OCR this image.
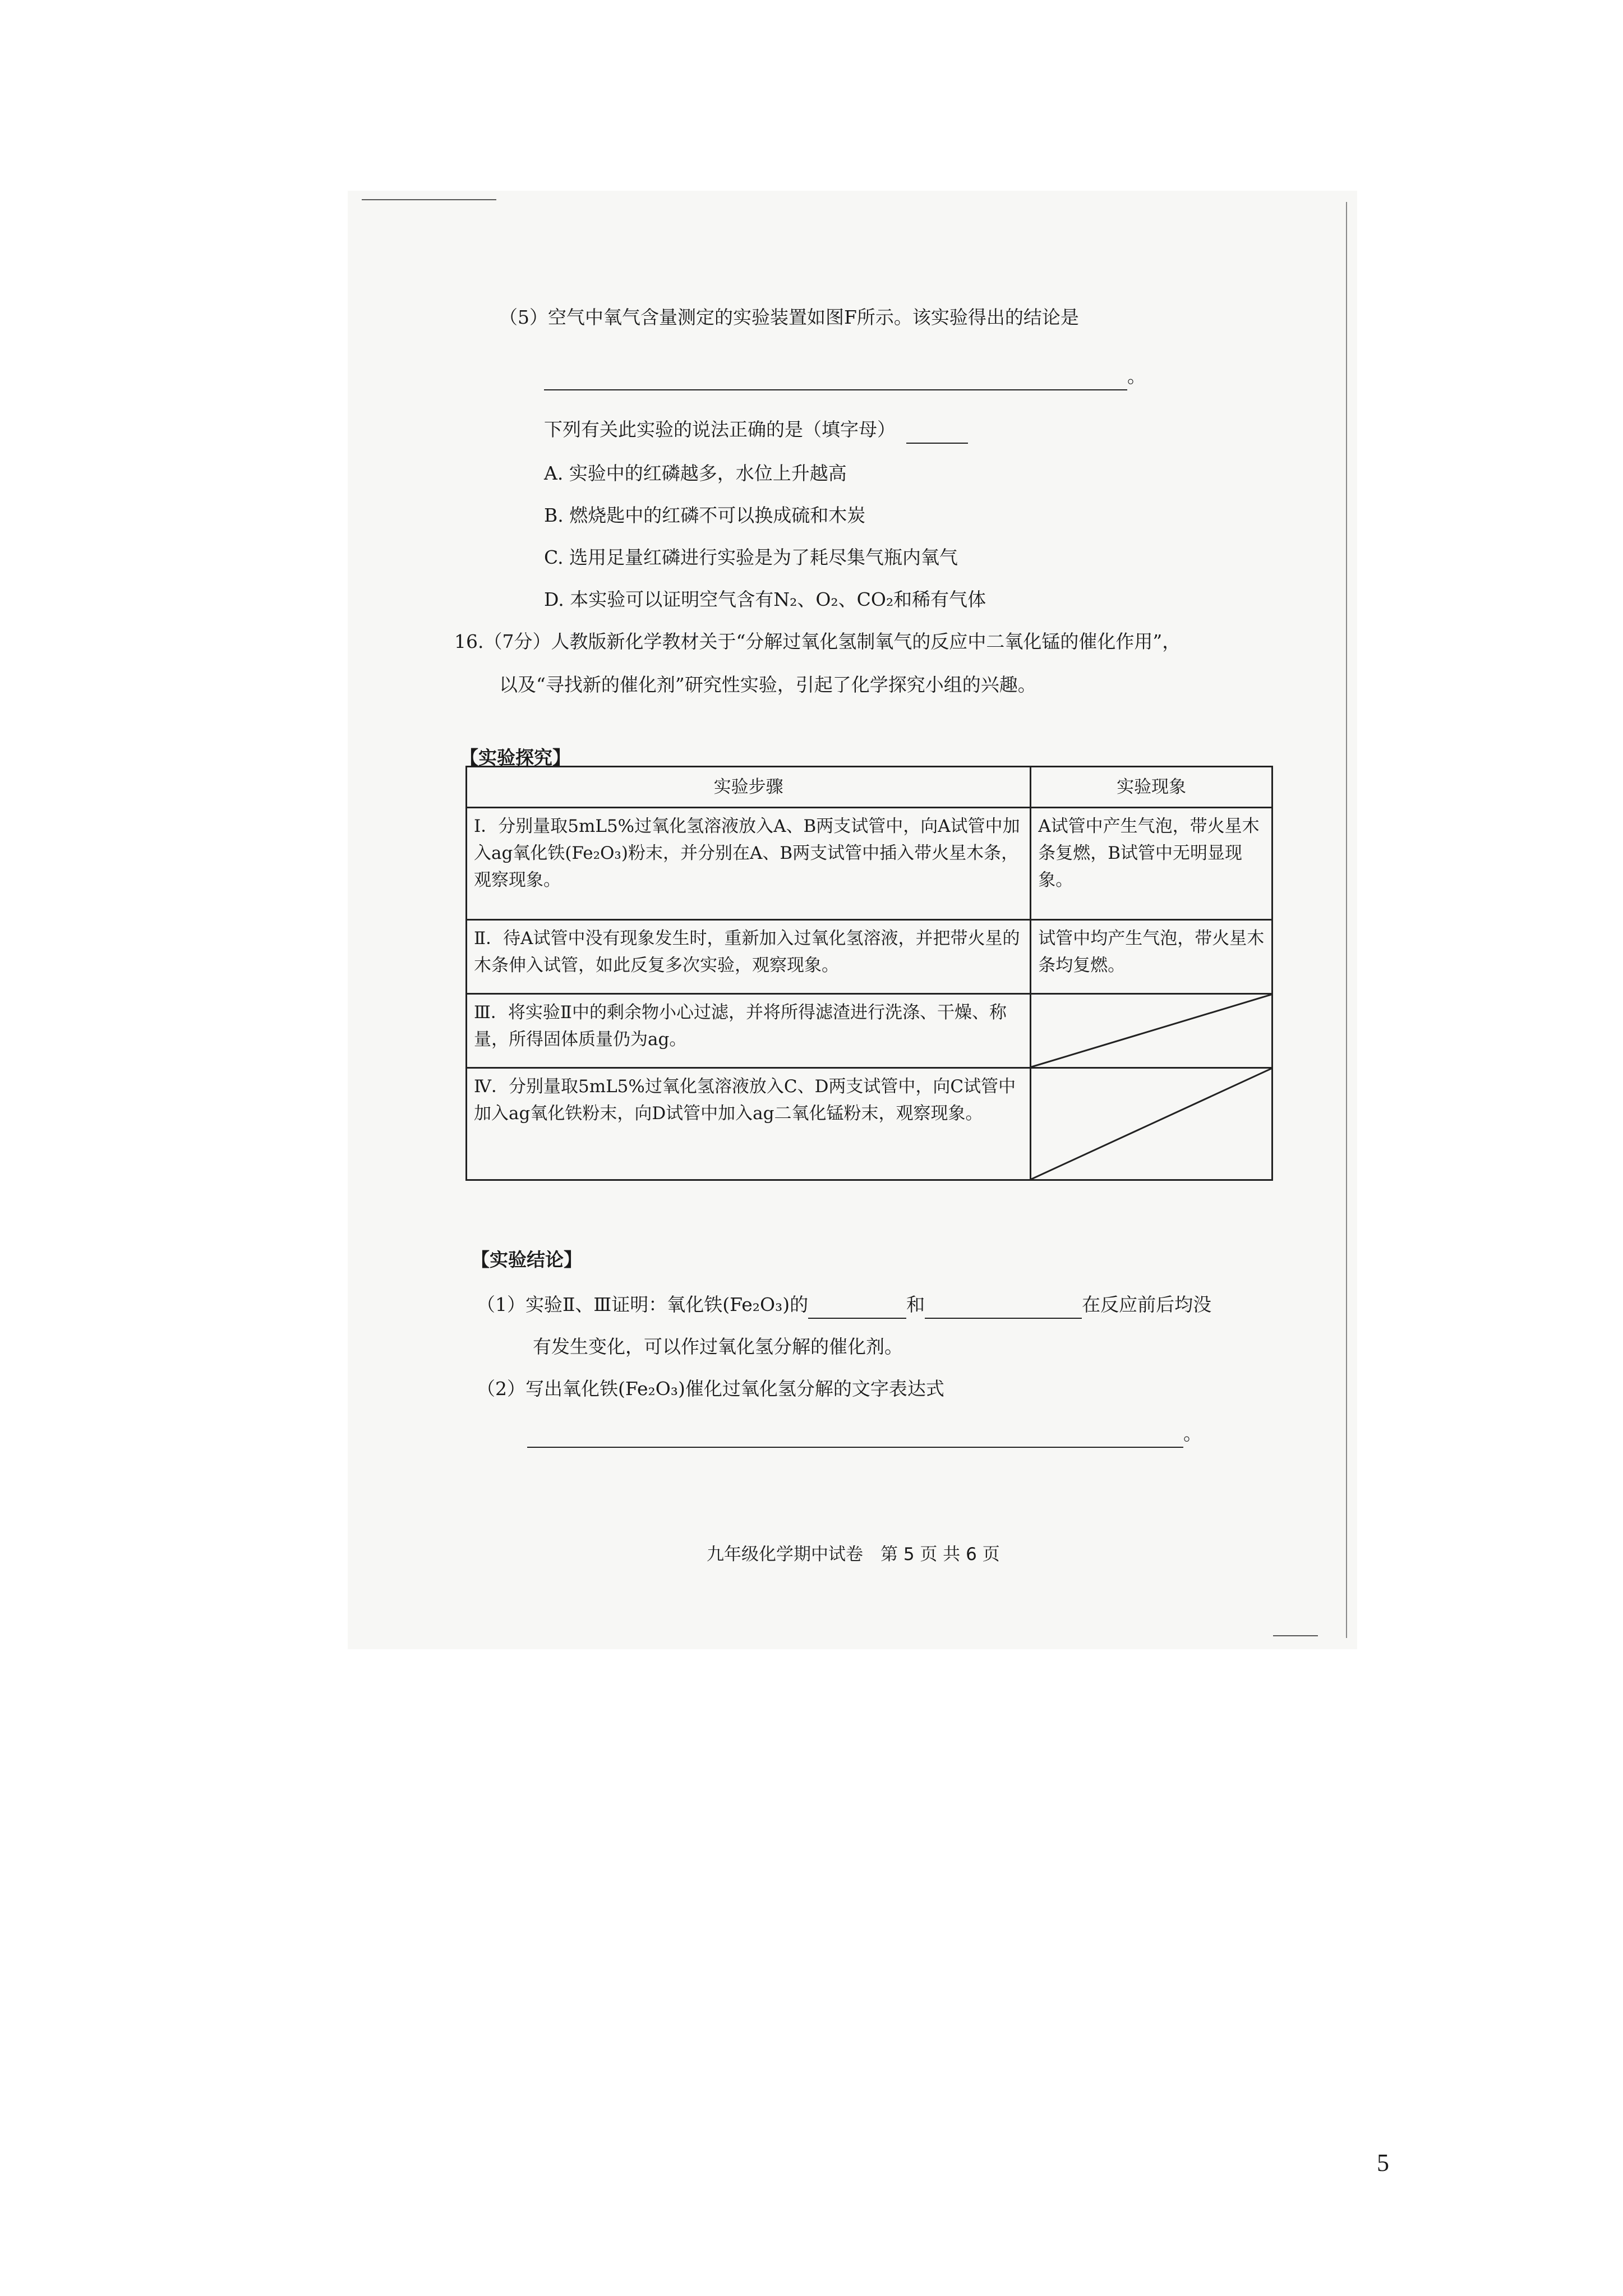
（5）空气中氧气含量测定的实验装置如图F所示。该实验得出的结论是
。
下列有关此实验的说法正确的是（填字母）
A. 实验中的红磷越多，水位上升越高
B. 燃烧匙中的红磷不可以换成硫和木炭
C. 选用足量红磷进行实验是为了耗尽集气瓶内氧气
D. 本实验可以证明空气含有N₂、O₂、CO₂和稀有气体
16.（7分）人教版新化学教材关于“分解过氧化氢制氧气的反应中二氧化锰的催化作用”，
以及“寻找新的催化剂”研究性实验，引起了化学探究小组的兴趣。
【实验探究】
实验步骤	实验现象
Ⅰ．分别量取5mL5%过氧化氢溶液放入A、B两支试管中，向A试管中加入ag氧化铁(Fe₂O₃)粉末，并分别在A、B两支试管中插入带火星木条，观察现象。	A试管中产生气泡，带火星木条复燃，B试管中无明显现象。
Ⅱ．待A试管中没有现象发生时，重新加入过氧化氢溶液，并把带火星的木条伸入试管，如此反复多次实验，观察现象。	试管中均产生气泡，带火星木条均复燃。
Ⅲ．将实验Ⅱ中的剩余物小心过滤，并将所得滤渣进行洗涤、干燥、称量，所得固体质量仍为ag。	

Ⅳ．分别量取5mL5%过氧化氢溶液放入C、D两支试管中，向C试管中加入ag氧化铁粉末，向D试管中加入ag二氧化锰粉末，观察现象。	
【实验结论】
（1）实验Ⅱ、Ⅲ证明：氧化铁(Fe₂O₃)的	和	在反应前后均没
有发生变化，可以作过氧化氢分解的催化剂。
（2）写出氧化铁(Fe₂O₃)催化过氧化氢分解的文字表达式
。
九年级化学期中试卷　第 5 页 共 6 页
5
